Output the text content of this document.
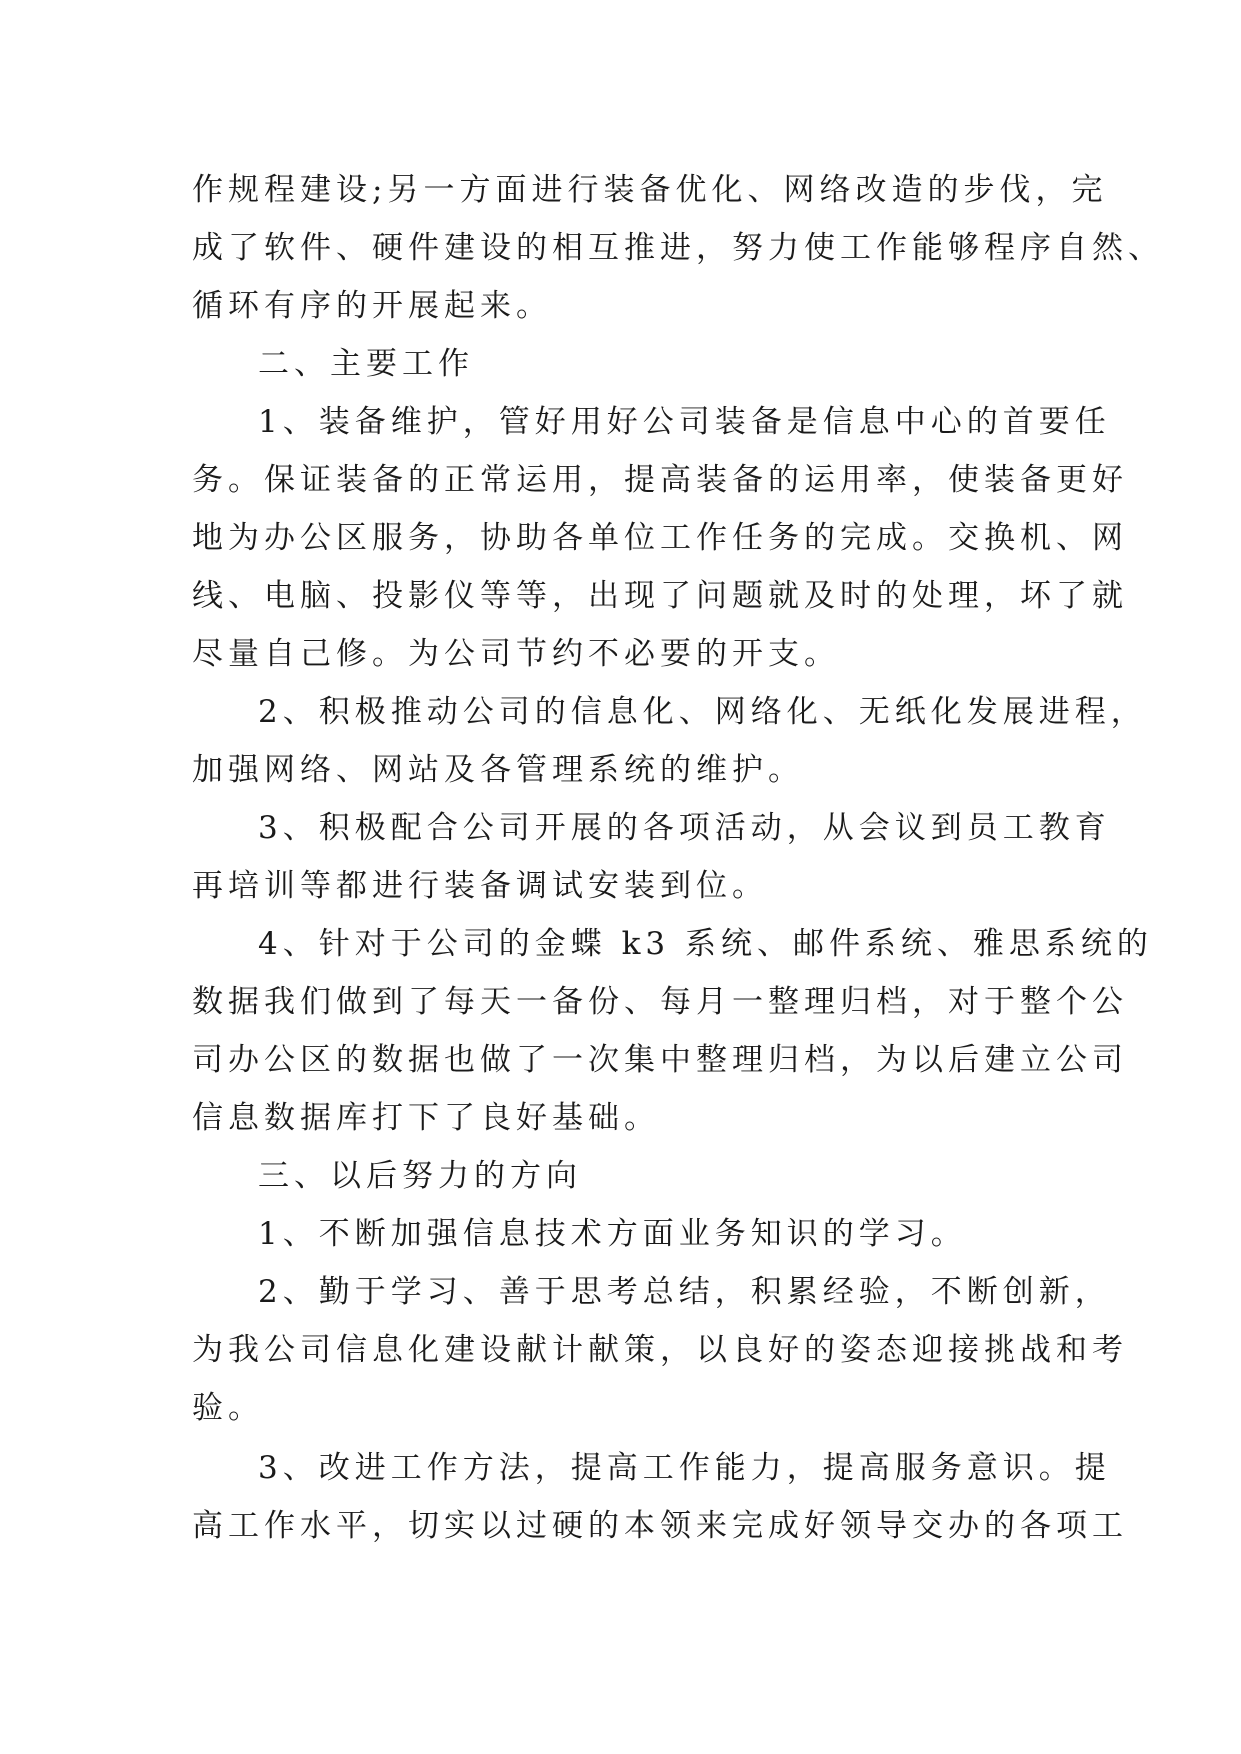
作规程建设;另一方面进行装备优化、网络改造的步伐，完
成了软件、硬件建设的相互推进，努力使工作能够程序自然、
循环有序的开展起来。
二、主要工作
1、装备维护，管好用好公司装备是信息中心的首要任
务。保证装备的正常运用，提高装备的运用率，使装备更好
地为办公区服务，协助各单位工作任务的完成。交换机、网
线、电脑、投影仪等等，出现了问题就及时的处理，坏了就
尽量自己修。为公司节约不必要的开支。
2、积极推动公司的信息化、网络化、无纸化发展进程，
加强网络、网站及各管理系统的维护。
3、积极配合公司开展的各项活动，从会议到员工教育
再培训等都进行装备调试安装到位。
4、针对于公司的金蝶 k3 系统、邮件系统、雅思系统的
数据我们做到了每天一备份、每月一整理归档，对于整个公
司办公区的数据也做了一次集中整理归档，为以后建立公司
信息数据库打下了良好基础。
三、以后努力的方向
1、不断加强信息技术方面业务知识的学习。
2、勤于学习、善于思考总结，积累经验，不断创新，
为我公司信息化建设献计献策，以良好的姿态迎接挑战和考
验。
3、改进工作方法，提高工作能力，提高服务意识。提
高工作水平，切实以过硬的本领来完成好领导交办的各项工
